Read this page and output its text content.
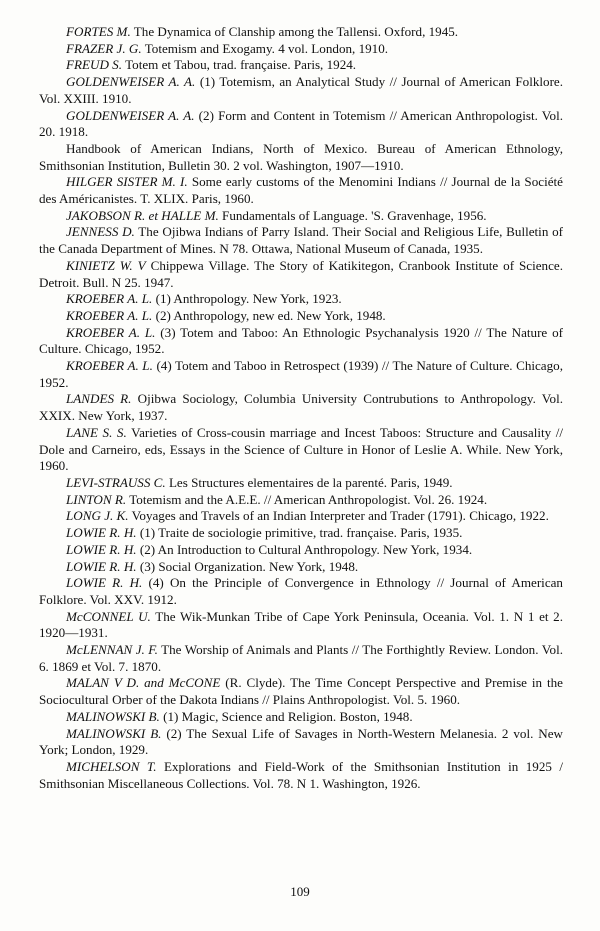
FORTES M. The Dynamica of Clanship among the Tallensi. Oxford, 1945.

FRAZER J. G. Totemism and Exogamy. 4 vol. London, 1910.

FREUD S. Totem et Tabou, trad. française. Paris, 1924.

GOLDENWEISER A. A. (1) Totemism, an Analytical Study // Journal of American Folklore. Vol. XXIII. 1910.

GOLDENWEISER A. A. (2) Form and Content in Totemism // American Anthropologist. Vol. 20. 1918.

Handbook of American Indians, North of Mexico. Bureau of American Ethnology, Smithsonian Institution, Bulletin 30. 2 vol. Washington, 1907—1910.

HILGER SISTER M. I. Some early customs of the Menomini Indians // Journal de la Société des Américanistes. T. XLIX. Paris, 1960.

JAKOBSON R. et HALLE M. Fundamentals of Language. 'S. Gravenhage, 1956.

JENNESS D. The Ojibwa Indians of Parry Island. Their Social and Religious Life, Bulletin of the Canada Department of Mines. N 78. Ottawa, National Museum of Canada, 1935.

KINIETZ W. V Chippewa Village. The Story of Katikitegon, Cranbook Institute of Science. Detroit. Bull. N 25. 1947.

KROEBER A. L. (1) Anthropology. New York, 1923.

KROEBER A. L. (2) Anthropology, new ed. New York, 1948.

KROEBER A. L. (3) Totem and Taboo: An Ethnologic Psychanalysis 1920 // The Nature of Culture. Chicago, 1952.

KROEBER A. L. (4) Totem and Taboo in Retrospect (1939) // The Nature of Culture. Chicago, 1952.

LANDES R. Ojibwa Sociology, Columbia University Contrubutions to Anthropology. Vol. XXIX. New York, 1937.

LANE S. S. Varieties of Cross-cousin marriage and Incest Taboos: Structure and Causality // Dole and Carneiro, eds, Essays in the Science of Culture in Honor of Leslie A. While. New York, 1960.

LEVI-STRAUSS C. Les Structures elementaires de la parenté. Paris, 1949.

LINTON R. Totemism and the A.E.E. // American Anthropologist. Vol. 26. 1924.

LONG J. K. Voyages and Travels of an Indian Interpreter and Trader (1791). Chicago, 1922.

LOWIE R. H. (1) Traite de sociologie primitive, trad. française. Paris, 1935.

LOWIE R. H. (2) An Introduction to Cultural Anthropology. New York, 1934.

LOWIE R. H. (3) Social Organization. New York, 1948.

LOWIE R. H. (4) On the Principle of Convergence in Ethnology // Journal of American Folklore. Vol. XXV. 1912.

McCONNEL U. The Wik-Munkan Tribe of Cape York Peninsula, Oceania. Vol. 1. N 1 et 2. 1920—1931.

McLENNAN J. F. The Worship of Animals and Plants // The Forthightly Review. London. Vol. 6. 1869 et Vol. 7. 1870.

MALAN V D. and McCONE (R. Clyde). The Time Concept Perspective and Premise in the Sociocultural Orber of the Dakota Indians // Plains Anthropologist. Vol. 5. 1960.

MALINOWSKI B. (1) Magic, Science and Religion. Boston, 1948.

MALINOWSKI B. (2) The Sexual Life of Savages in North-Western Melanesia. 2 vol. New York; London, 1929.

MICHELSON T. Explorations and Field-Work of the Smithsonian Institution in 1925 / Smithsonian Miscellaneous Collections. Vol. 78. N 1. Washington, 1926.

109
